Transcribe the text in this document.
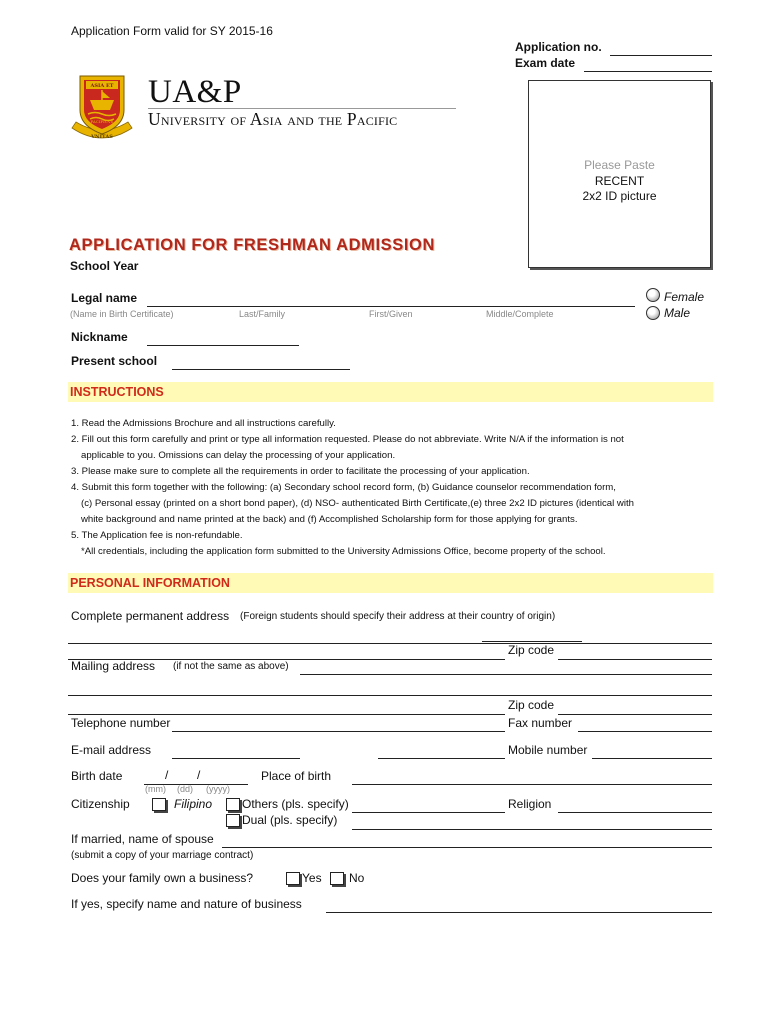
Application Form valid for SY 2015-16
Application no.
Exam date
ASIA ET
PACIFICVS
VNITAS
UA&P
University of Asia and the Pacific
Please Paste
RECENT
2x2 ID picture
APPLICATION FOR FRESHMAN ADMISSION
School Year
Legal name
(Name in Birth Certificate)	Last/Family	First/Given	Middle/Complete
Female
Male
Nickname
Present school
INSTRUCTIONS

1. Read the Admissions Brochure and all instructions carefully.

2. Fill out this form carefully and print or type all information requested. Please do not abbreviate. Write N/A if the information is not

applicable to you. Omissions can delay the processing of your application.

3. Please make sure to complete all the requirements in order to facilitate the processing of your application.

4. Submit this form together with the following: (a) Secondary school record form, (b) Guidance counselor recommendation form,

(c) Personal essay (printed on a short bond paper), (d) NSO- authenticated Birth Certificate,(e) three 2x2 ID pictures (identical with

white background and name printed at the back) and (f) Accomplished Scholarship form for those applying for grants.

5. The Application fee is non-refundable.

*All credentials, including the application form submitted to the University Admissions Office, become property of the school.

PERSONAL INFORMATION
Complete permanent address (Foreign students should specify their address at their country of origin)
Zip code
Mailing address (if not the same as above)
Zip code
Telephone number	Fax number
E-mail address	Mobile number
Birth date	/ /
(mm) (dd) (yyyy)
Place of birth
Citizenship	Filipino Others (pls. specify)
Dual (pls. specify)
Religion
If married, name of spouse
(submit a copy of your marriage contract)
Does your family own a business?	Yes No
If yes, specify name and nature of business
